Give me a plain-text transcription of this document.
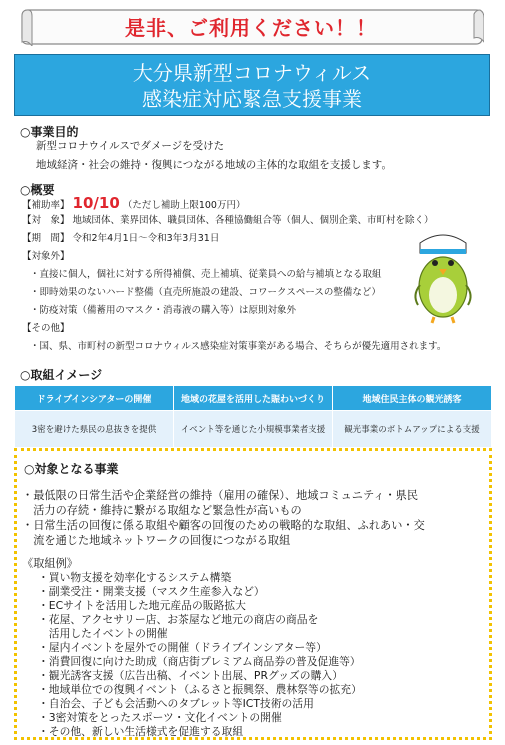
是非、ご利用ください！！
大分県新型コロナウィルス
感染症対応緊急支援事業
○事業目的
新型コロナウイルスでダメージを受けた
地域経済・社会の維持・復興につながる地域の主体的な取組を支援します。
○概要
【補助率】 10/10 （ただし補助上限100万円）
【対　象】 地域団体、業界団体、職員団体、各種協働組合等（個人、個別企業、市町村を除く）
【期　間】 令和2年4月1日～令和3年3月31日
【対象外】
・直接に個人，個社に対する所得補償、売上補填、従業員への給与補填となる取組
・即時効果のないハード整備（直売所施設の建設、コワークスペースの整備など）
・防疫対策（備蓄用のマスク・消毒液の購入等）は原則対象外
【その他】
・国、県、市町村の新型コロナウィルス感染症対策事業がある場合、そちらが優先適用されます。
○取組イメージ
ドライブインシアターの開催	地域の花屋を活用した賑わいづくり	地域住民主体の観光誘客
3密を避けた県民の息抜きを提供	イベント等を通じた小規模事業者支援	観光事業のボトムアップによる支援
○対象となる事業
・最低限の日常生活や企業経営の維持（雇用の確保）、地域コミュニティ・県民
　活力の存続・維持に繋がる取組など緊急性が高いもの
・日常生活の回復に係る取組や顧客の回復のための戦略的な取組、ふれあい・交
　流を通じた地域ネットワークの回復につながる取組
《取組例》
・買い物支援を効率化するシステム構築
・副業受注・開業支援（マスク生産参入など）
・ECサイトを活用した地元産品の販路拡大
・花屋、アクセサリー店、お茶屋など地元の商店の商品を
　活用したイベントの開催
・屋内イベントを屋外での開催（ドライブインシアター等）
・消費回復に向けた助成（商店街プレミアム商品券の普及促進等）
・観光誘客支援（広告出稿、イベント出展、PRグッズの購入）
・地域単位での復興イベント（ふるさと振興祭、農林祭等の拡充）
・自治会、子ども会活動へのタブレット等ICT技術の活用
・3密対策をとったスポーツ・文化イベントの開催
・その他、新しい生活様式を促進する取組
